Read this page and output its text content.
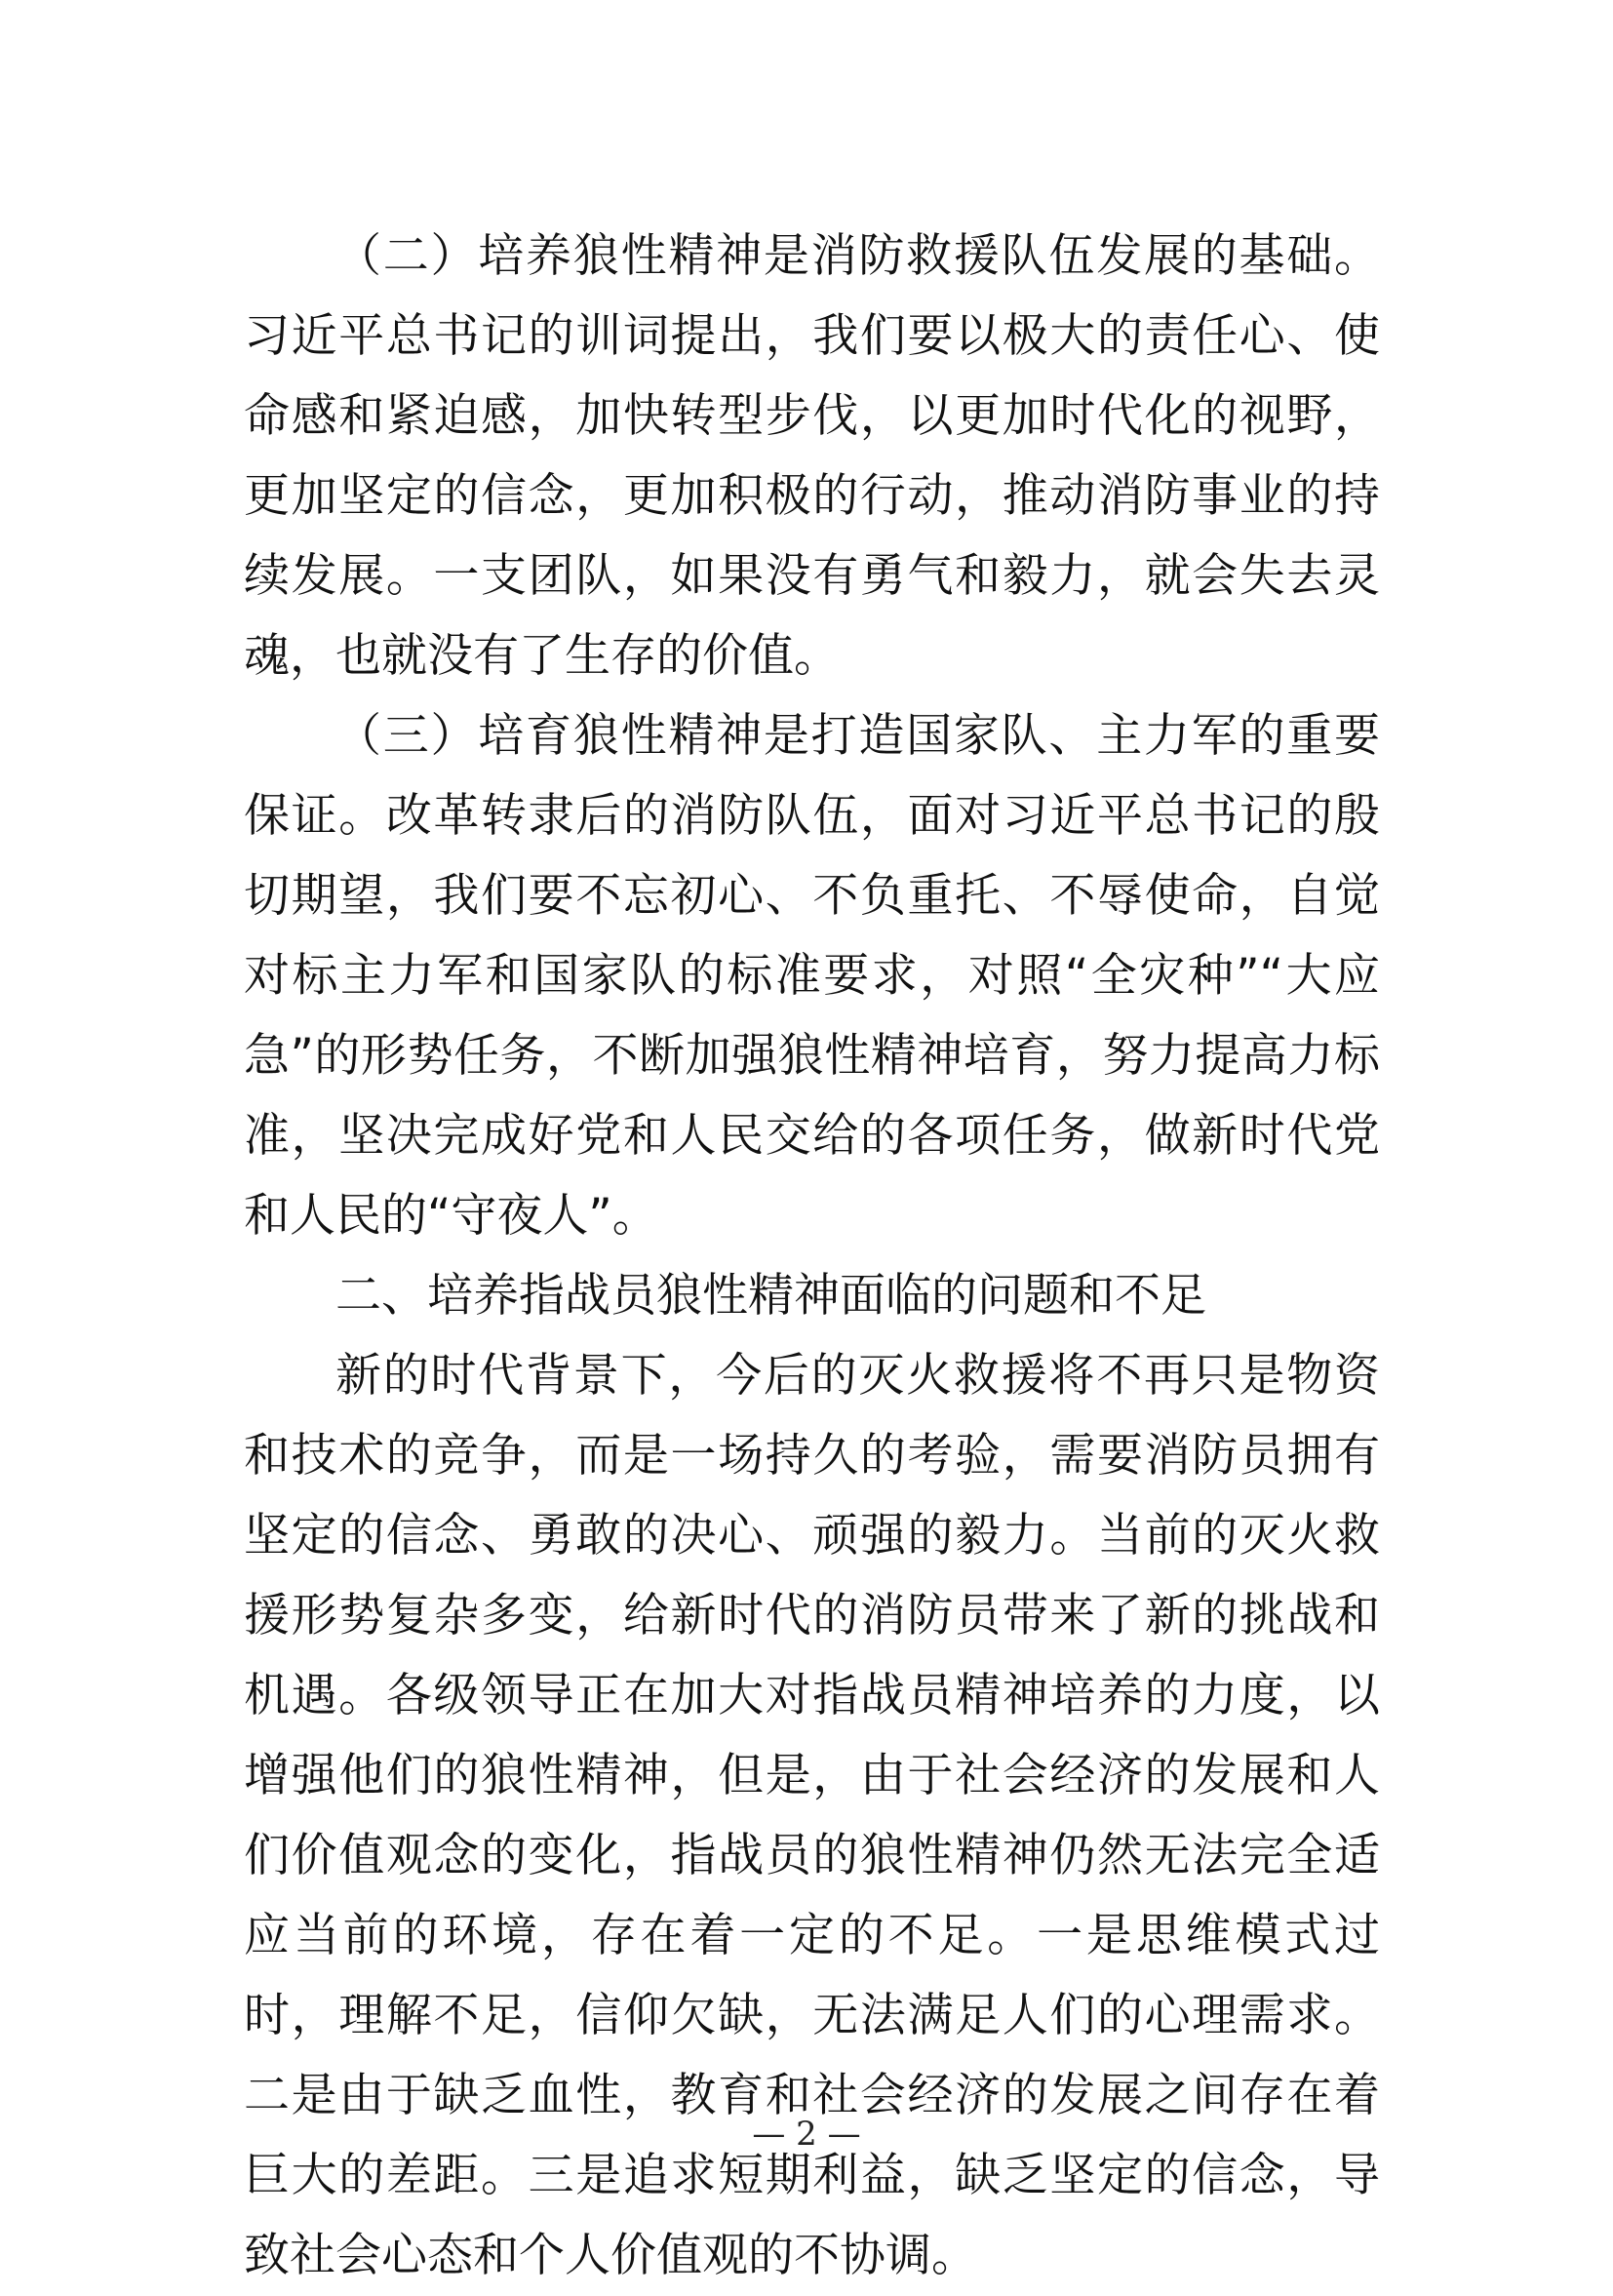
（二）培养狼性精神是消防救援队伍发展的基础。习近平总书记的训词提出，我们要以极大的责任心、使命感和紧迫感，加快转型步伐，以更加时代化的视野，更加坚定的信念，更加积极的行动，推动消防事业的持续发展。一支团队，如果没有勇气和毅力，就会失去灵魂，也就没有了生存的价值。

（三）培育狼性精神是打造国家队、主力军的重要保证。改革转隶后的消防队伍，面对习近平总书记的殷切期望，我们要不忘初心、不负重托、不辱使命，自觉对标主力军和国家队的标准要求，对照“全灾种”“大应急”的形势任务，不断加强狼性精神培育，努力提高力标准，坚决完成好党和人民交给的各项任务，做新时代党和人民的“守夜人”。

二、培养指战员狼性精神面临的问题和不足

新的时代背景下，今后的灭火救援将不再只是物资和技术的竞争，而是一场持久的考验，需要消防员拥有坚定的信念、勇敢的决心、顽强的毅力。当前的灭火救援形势复杂多变，给新时代的消防员带来了新的挑战和机遇。各级领导正在加大对指战员精神培养的力度，以增强他们的狼性精神，但是，由于社会经济的发展和人们价值观念的变化，指战员的狼性精神仍然无法完全适应当前的环境，存在着一定的不足。一是思维模式过时，理解不足，信仰欠缺，无法满足人们的心理需求。二是由于缺乏血性，教育和社会经济的发展之间存在着巨大的差距。三是追求短期利益，缺乏坚定的信念，导致社会心态和个人价值观的不协调。

— 2 —
